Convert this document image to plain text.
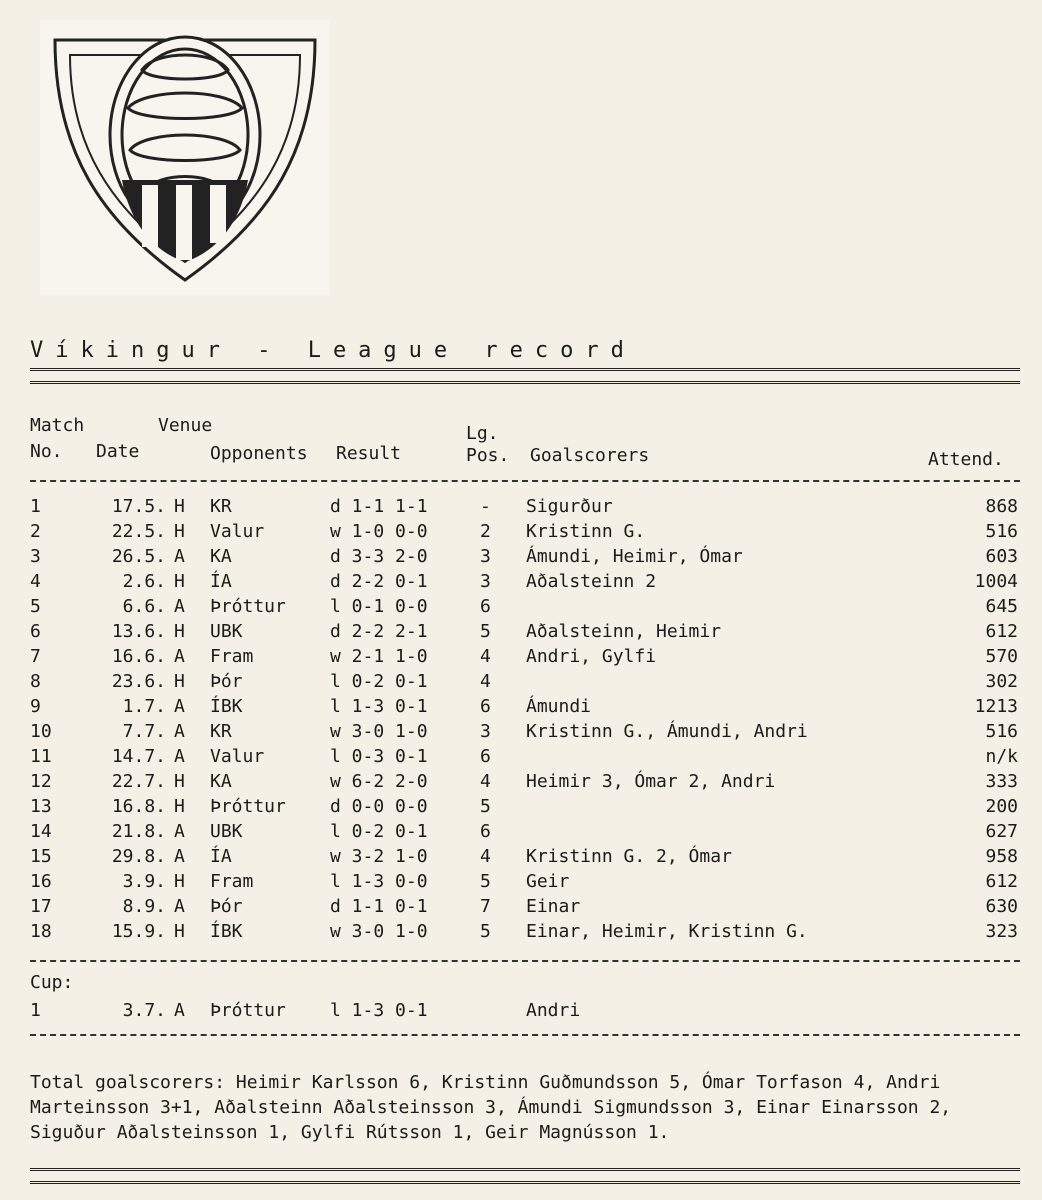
Víkingur - League record
Match	Venue	Lg.
No. Date	Opponents Result	Pos. Goalscorers	Attend.
1	17.5. H KR	d 1-1 1-1	- Sigurður	868
2	22.5. H Valur	w 1-0 0-0	2 Kristinn G.	516
3	26.5. A KA	d 3-3 2-0	3 Ámundi, Heimir, Ómar	603
4	2.6. H ÍA	d 2-2 0-1	3 Aðalsteinn 2	1004
5	6.6. A Þróttur l 0-1 0-0	6	645
6	13.6. H UBK	d 2-2 2-1	5 Aðalsteinn, Heimir	612
7	16.6. A Fram	w 2-1 1-0	4 Andri, Gylfi	570
8	23.6. H Þór	l 0-2 0-1	4	302
9	1.7. A ÍBK	l 1-3 0-1	6 Ámundi	1213
10	7.7. A KR	w 3-0 1-0	3 Kristinn G., Ámundi, Andri	516
11	14.7. A Valur	l 0-3 0-1	6	n/k
12	22.7. H KA	w 6-2 2-0	4 Heimir 3, Ómar 2, Andri	333
13	16.8. H Þróttur d 0-0 0-0	5	200
14	21.8. A UBK	l 0-2 0-1	6	627
15	29.8. A ÍA	w 3-2 1-0	4 Kristinn G. 2, Ómar	958
16	3.9. H Fram	l 1-3 0-0	5 Geir	612
17	8.9. A Þór	d 1-1 0-1	7 Einar	630
18	15.9. H ÍBK	w 3-0 1-0	5 Einar, Heimir, Kristinn G.	323
Cup:
1	3.7. A Þróttur l 1-3 0-1	Andri
Total goalscorers: Heimir Karlsson 6, Kristinn Guðmundsson 5, Ómar Torfason 4, Andri Marteinsson 3+1, Aðalsteinn Aðalsteinsson 3, Ámundi Sigmundsson 3, Einar Einarsson 2, Siguður Aðalsteinsson 1, Gylfi Rútsson 1, Geir Magnússon 1.
